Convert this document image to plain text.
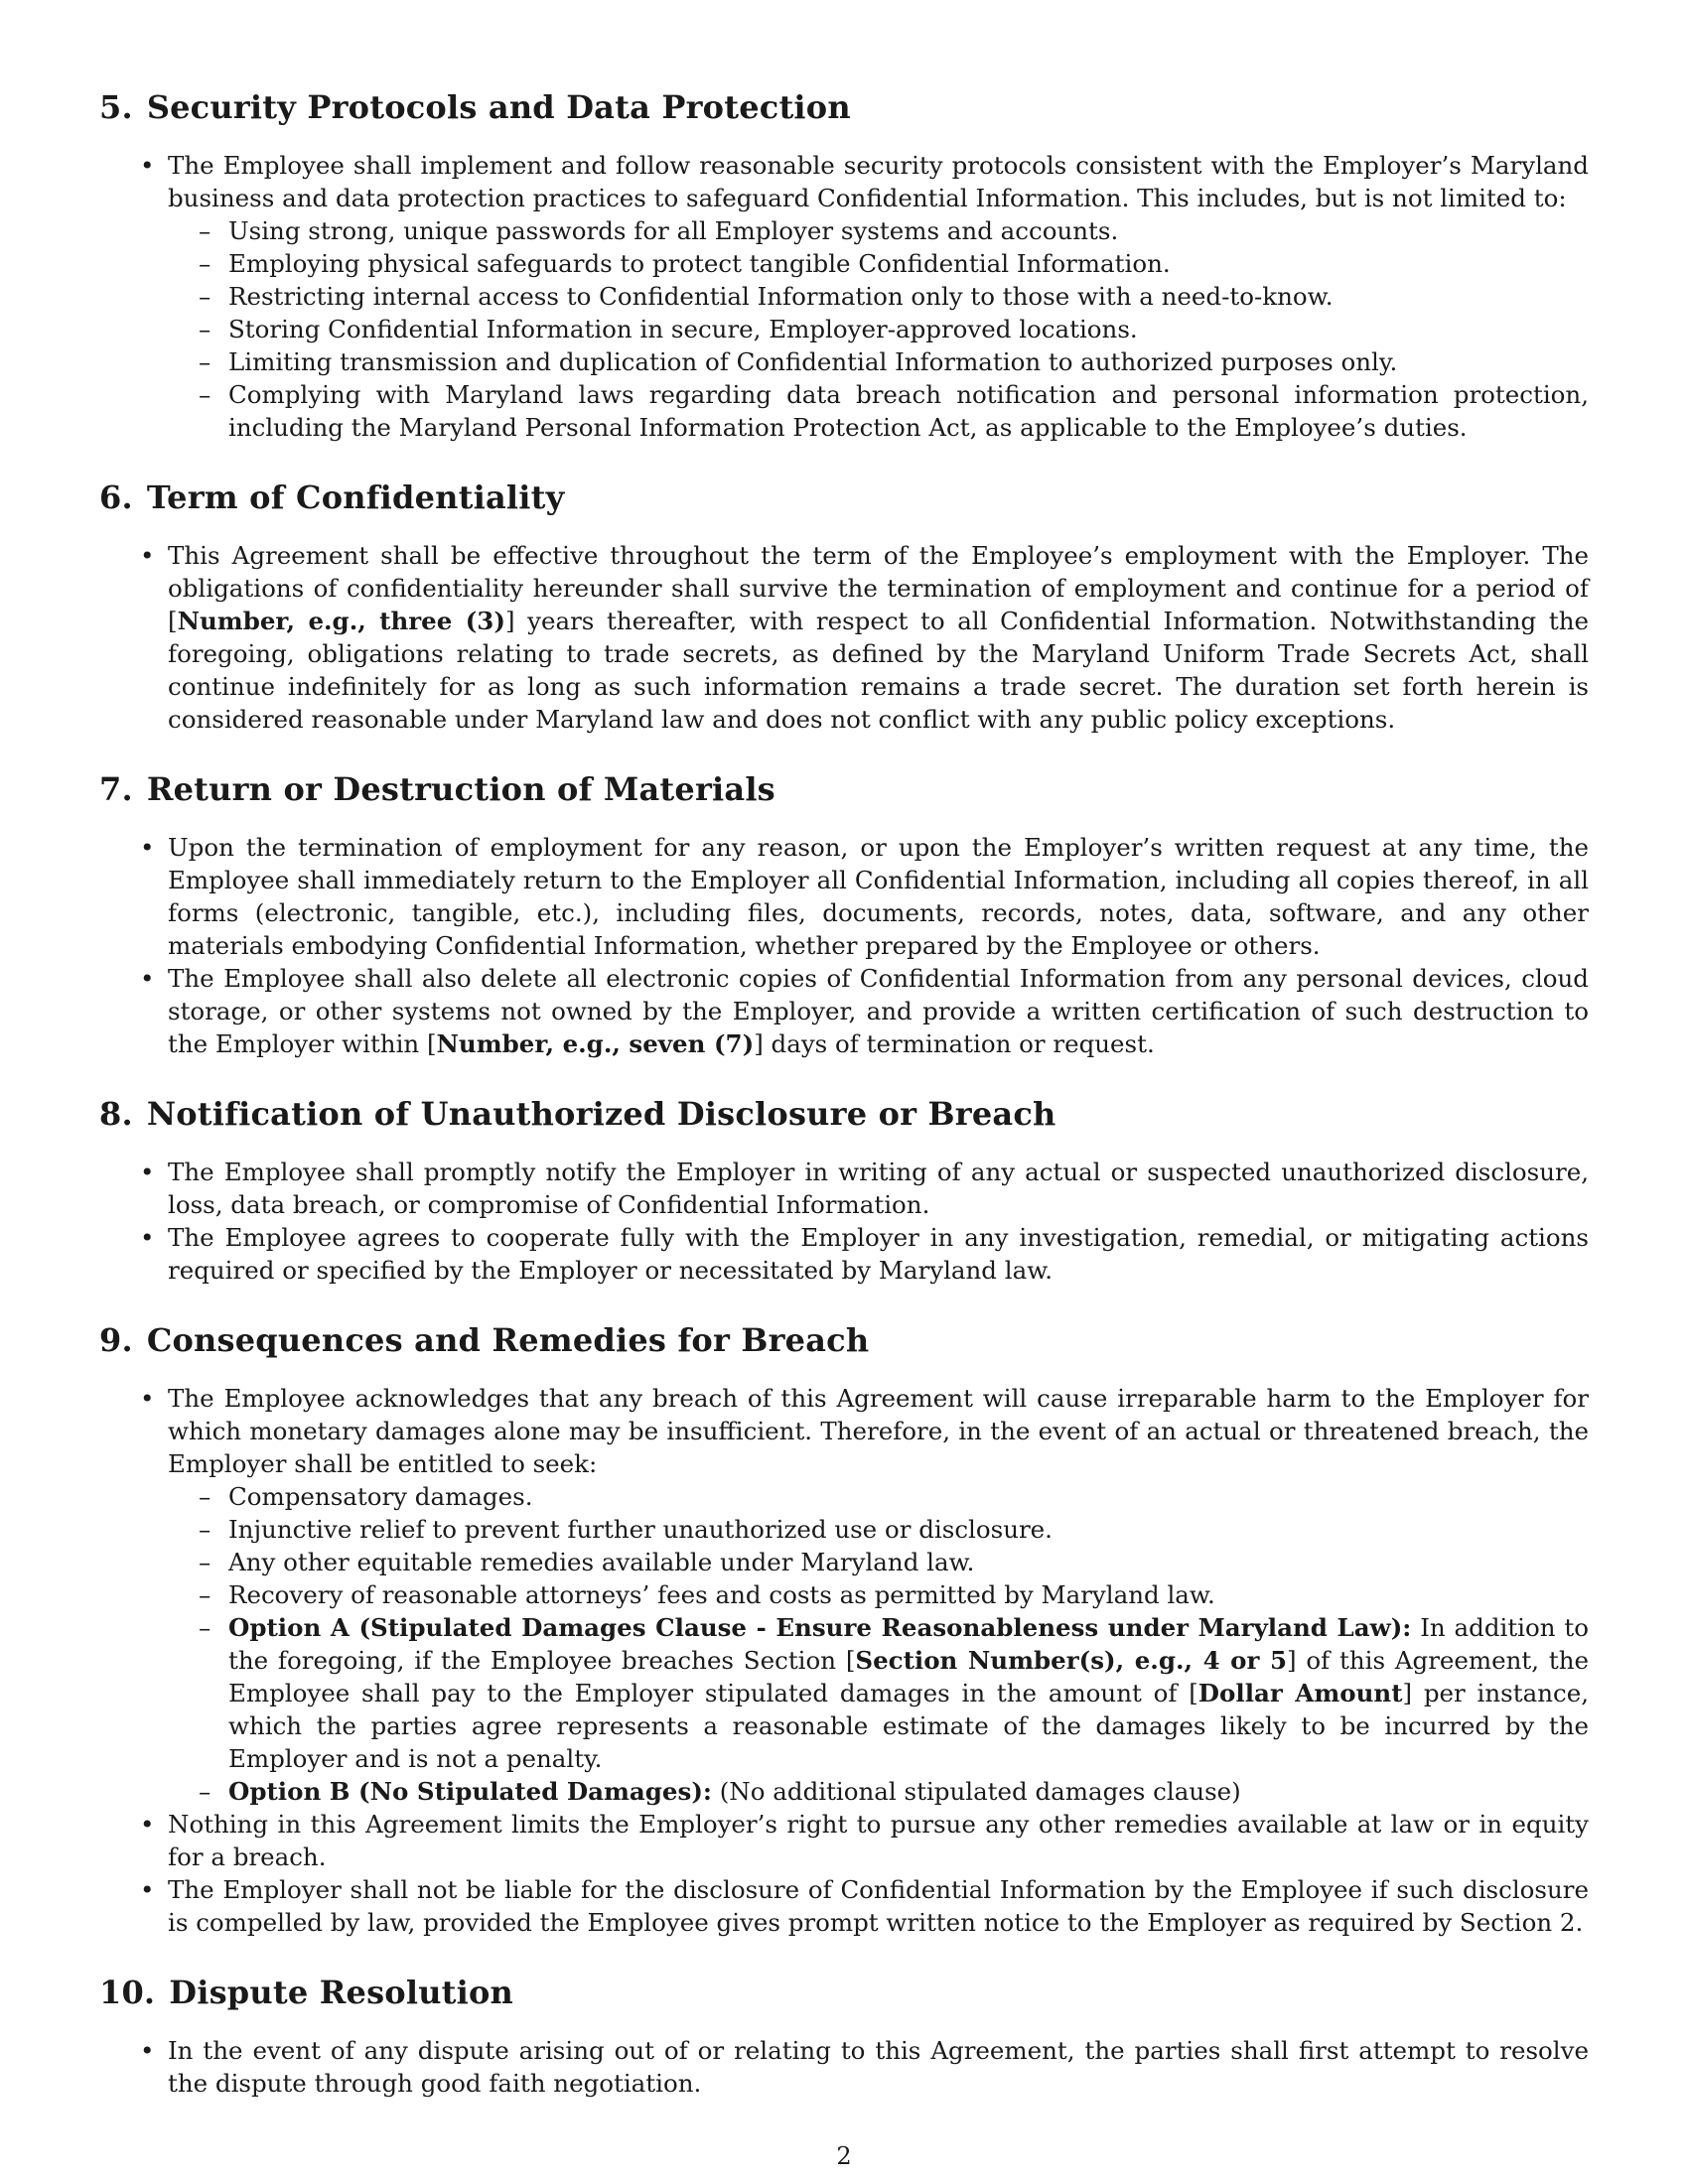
5. Security Protocols and Data Protection
• The Employee shall implement and follow reasonable security protocols consistent with the Employer’s Maryland business and data protection practices to safeguard Confidential Information. This includes, but is not limited to:
– Using strong, unique passwords for all Employer systems and accounts.
– Employing physical safeguards to protect tangible Confidential Information.
– Restricting internal access to Confidential Information only to those with a need-to-know.
– Storing Confidential Information in secure, Employer-approved locations.
– Limiting transmission and duplication of Confidential Information to authorized purposes only.
– Complying with Maryland laws regarding data breach notification and personal information protection, including the Maryland Personal Information Protection Act, as applicable to the Employee’s duties.
6. Term of Confidentiality
• This Agreement shall be effective throughout the term of the Employee’s employment with the Employer. The obligations of confidentiality hereunder shall survive the termination of employment and continue for a period of [Number, e.g., three (3)] years thereafter, with respect to all Confidential Information. Notwithstanding the foregoing, obligations relating to trade secrets, as defined by the Maryland Uniform Trade Secrets Act, shall continue indefinitely for as long as such information remains a trade secret. The duration set forth herein is considered reasonable under Maryland law and does not conflict with any public policy exceptions.
7. Return or Destruction of Materials
• Upon the termination of employment for any reason, or upon the Employer’s written request at any time, the Employee shall immediately return to the Employer all Confidential Information, including all copies thereof, in all forms (electronic, tangible, etc.), including files, documents, records, notes, data, software, and any other materials embodying Confidential Information, whether prepared by the Employee or others.
• The Employee shall also delete all electronic copies of Confidential Information from any personal devices, cloud storage, or other systems not owned by the Employer, and provide a written certification of such destruction to the Employer within [Number, e.g., seven (7)] days of termination or request.
8. Notification of Unauthorized Disclosure or Breach
• The Employee shall promptly notify the Employer in writing of any actual or suspected unauthorized disclosure, loss, data breach, or compromise of Confidential Information.
• The Employee agrees to cooperate fully with the Employer in any investigation, remedial, or mitigating actions required or specified by the Employer or necessitated by Maryland law.
9. Consequences and Remedies for Breach
• The Employee acknowledges that any breach of this Agreement will cause irreparable harm to the Employer for which monetary damages alone may be insufficient. Therefore, in the event of an actual or threatened breach, the Employer shall be entitled to seek:
– Compensatory damages.
– Injunctive relief to prevent further unauthorized use or disclosure.
– Any other equitable remedies available under Maryland law.
– Recovery of reasonable attorneys’ fees and costs as permitted by Maryland law.
– Option A (Stipulated Damages Clause - Ensure Reasonableness under Maryland Law): In addition to the foregoing, if the Employee breaches Section [Section Number(s), e.g., 4 or 5] of this Agreement, the Employee shall pay to the Employer stipulated damages in the amount of [Dollar Amount] per instance, which the parties agree represents a reasonable estimate of the damages likely to be incurred by the Employer and is not a penalty.
– Option B (No Stipulated Damages): (No additional stipulated damages clause)
• Nothing in this Agreement limits the Employer’s right to pursue any other remedies available at law or in equity for a breach.
• The Employer shall not be liable for the disclosure of Confidential Information by the Employee if such disclosure is compelled by law, provided the Employee gives prompt written notice to the Employer as required by Section 2.
10. Dispute Resolution
• In the event of any dispute arising out of or relating to this Agreement, the parties shall first attempt to resolve the dispute through good faith negotiation.
2
